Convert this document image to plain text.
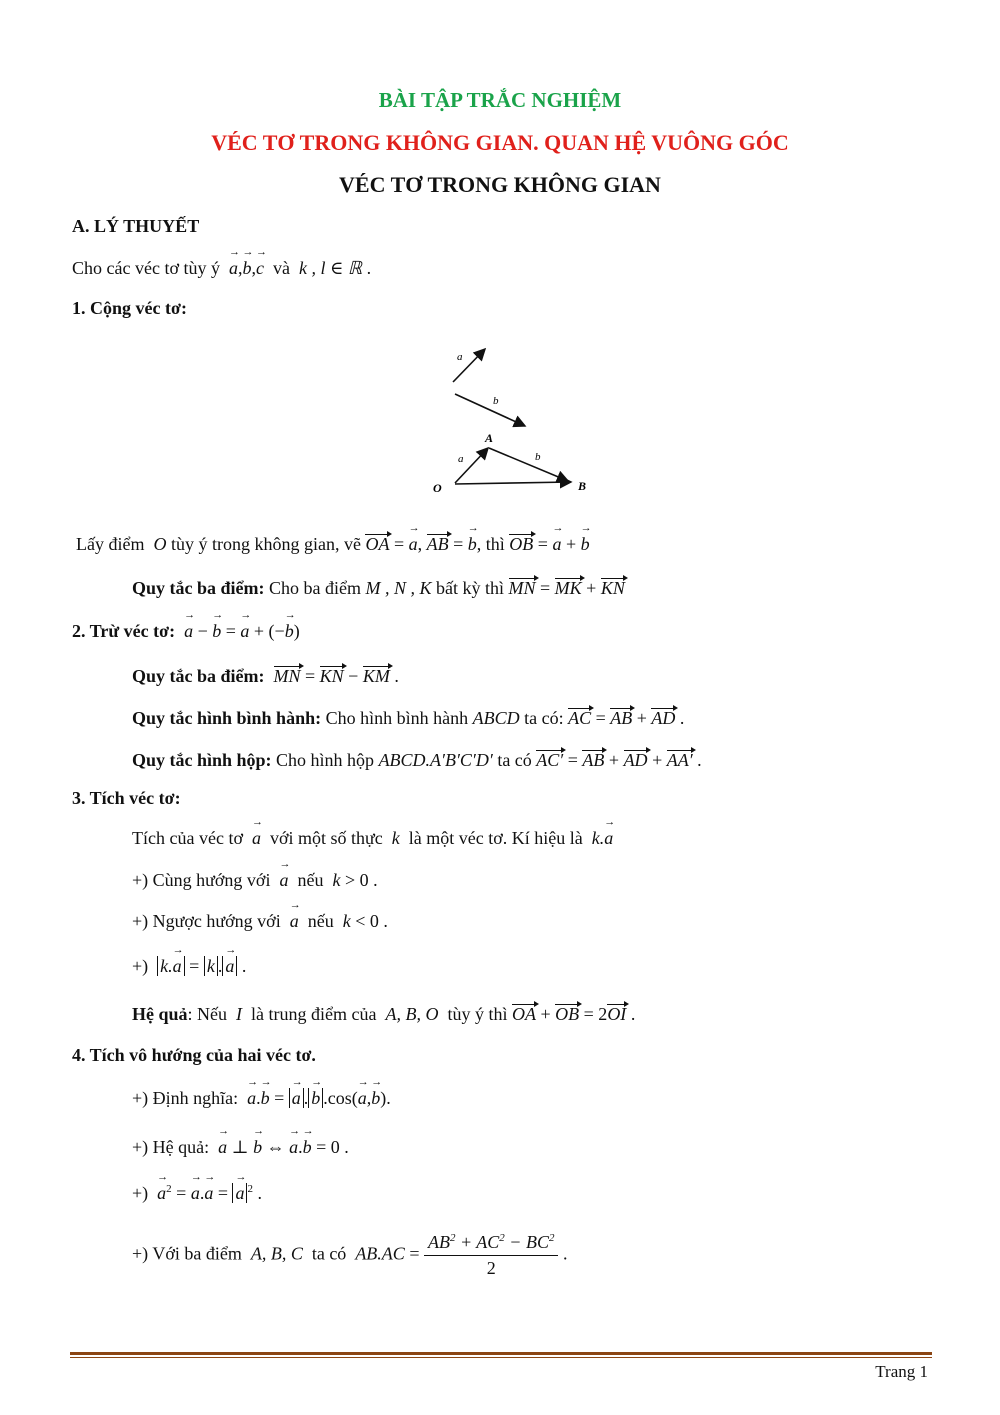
BÀI TẬP TRẮC NGHIỆM
VÉC TƠ TRONG KHÔNG GIAN. QUAN HỆ VUÔNG GÓC
VÉC TƠ TRONG KHÔNG GIAN
A. LÝ THUYẾT
Cho các véc tơ tùy ý → a,→ b,→ c và k , l ∈ ℝ .
1. Cộng véc tơ:
a
b
a
A
b
O	B
Lấy điểm O tùy ý trong không gian, vẽ OA = → a, AB = → b, thì OB = → a + → b
Quy tắc ba điểm: Cho ba điểm M , N , K bất kỳ thì MN = MK + KN
2. Trừ véc tơ: → a − → b = → a + (−→ b)
Quy tắc ba điểm: MN = KN − KM .
Quy tắc hình bình hành: Cho hình bình hành ABCD ta có: AC = AB + AD .
Quy tắc hình hộp: Cho hình hộp ABCD.A′B′C′D′ ta có AC′ = AB + AD + AA′ .
3. Tích véc tơ:
Tích của véc tơ → a với một số thực k là một véc tơ. Kí hiệu là k.→ a
+) Cùng hướng với → a nếu k > 0 .
+) Ngược hướng với → a nếu k < 0 .
+) k.→ a = k . → a .
Hệ quả: Nếu I là trung điểm của A, B, O tùy ý thì OA + OB = 2OI .
4. Tích vô hướng của hai véc tơ.
+) Định nghĩa: → a.→ b = → a . → b .cos(→ a,→ b).
+) Hệ quả: → a ⊥ → b ⇔ → a.→ b = 0 .
+) → $a^2$ = → a.→ a = → a $^2$ .
+) Với ba điểm A, B, C ta có $AB.AC = \frac{AB^2 + AC^2 - BC^2}{2}$ .
Trang 1
